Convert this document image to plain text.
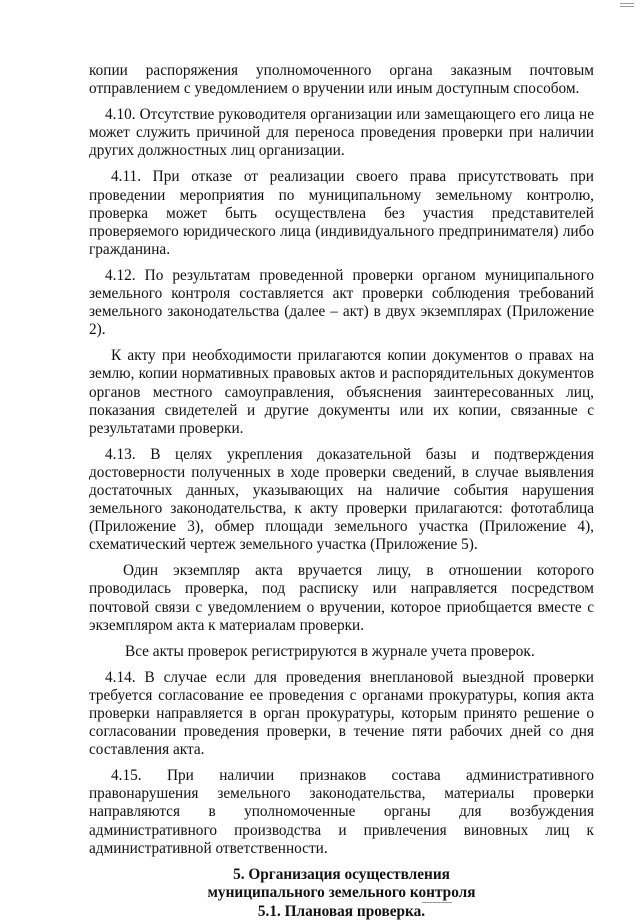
копии распоряжения уполномоченного органа заказным почтовым отправлением с уведомлением о вручении или иным доступным способом.

4.10. Отсутствие руководителя организации или замещающего его лица не может служить причиной для переноса проведения проверки при наличии других должностных лиц организации.

4.11. При отказе от реализации своего права присутствовать при проведении мероприятия по муниципальному земельному контролю, проверка может быть осуществлена без участия представителей проверяемого юридического лица (индивидуального предпринимателя) либо гражданина.

4.12. По результатам проведенной проверки органом муниципального земельного контроля составляется акт проверки соблюдения требований земельного законодательства (далее – акт) в двух экземплярах (Приложение 2).

К акту при необходимости прилагаются копии документов о правах на землю, копии нормативных правовых актов и распорядительных документов органов местного самоуправления, объяснения заинтересованных лиц, показания свидетелей и другие документы или их копии, связанные с результатами проверки.

4.13. В целях укрепления доказательной базы и подтверждения достоверности полученных в ходе проверки сведений, в случае выявления достаточных данных, указывающих на наличие события нарушения земельного законодательства, к акту проверки прилагаются: фототаблица (Приложение 3), обмер площади земельного участка (Приложение 4), схематический чертеж земельного участка (Приложение 5).

Один экземпляр акта вручается лицу, в отношении которого проводилась проверка, под расписку или направляется посредством почтовой связи с уведомлением о вручении, которое приобщается вместе с экземпляром акта к материалам проверки.

Все акты проверок регистрируются в журнале учета проверок.

4.14. В случае если для проведения внеплановой выездной проверки требуется согласование ее проведения с органами прокуратуры, копия акта проверки направляется в орган прокуратуры, которым принято решение о согласовании проведения проверки, в течение пяти рабочих дней со дня составления акта.

4.15. При наличии признаков состава административного правонарушения земельного законодательства, материалы проверки направляются в уполномоченные органы для возбуждения административного производства и привлечения виновных лиц к административной ответственности.

5. Организация осуществления
муниципального земельного контроля
5.1. Плановая проверка.
